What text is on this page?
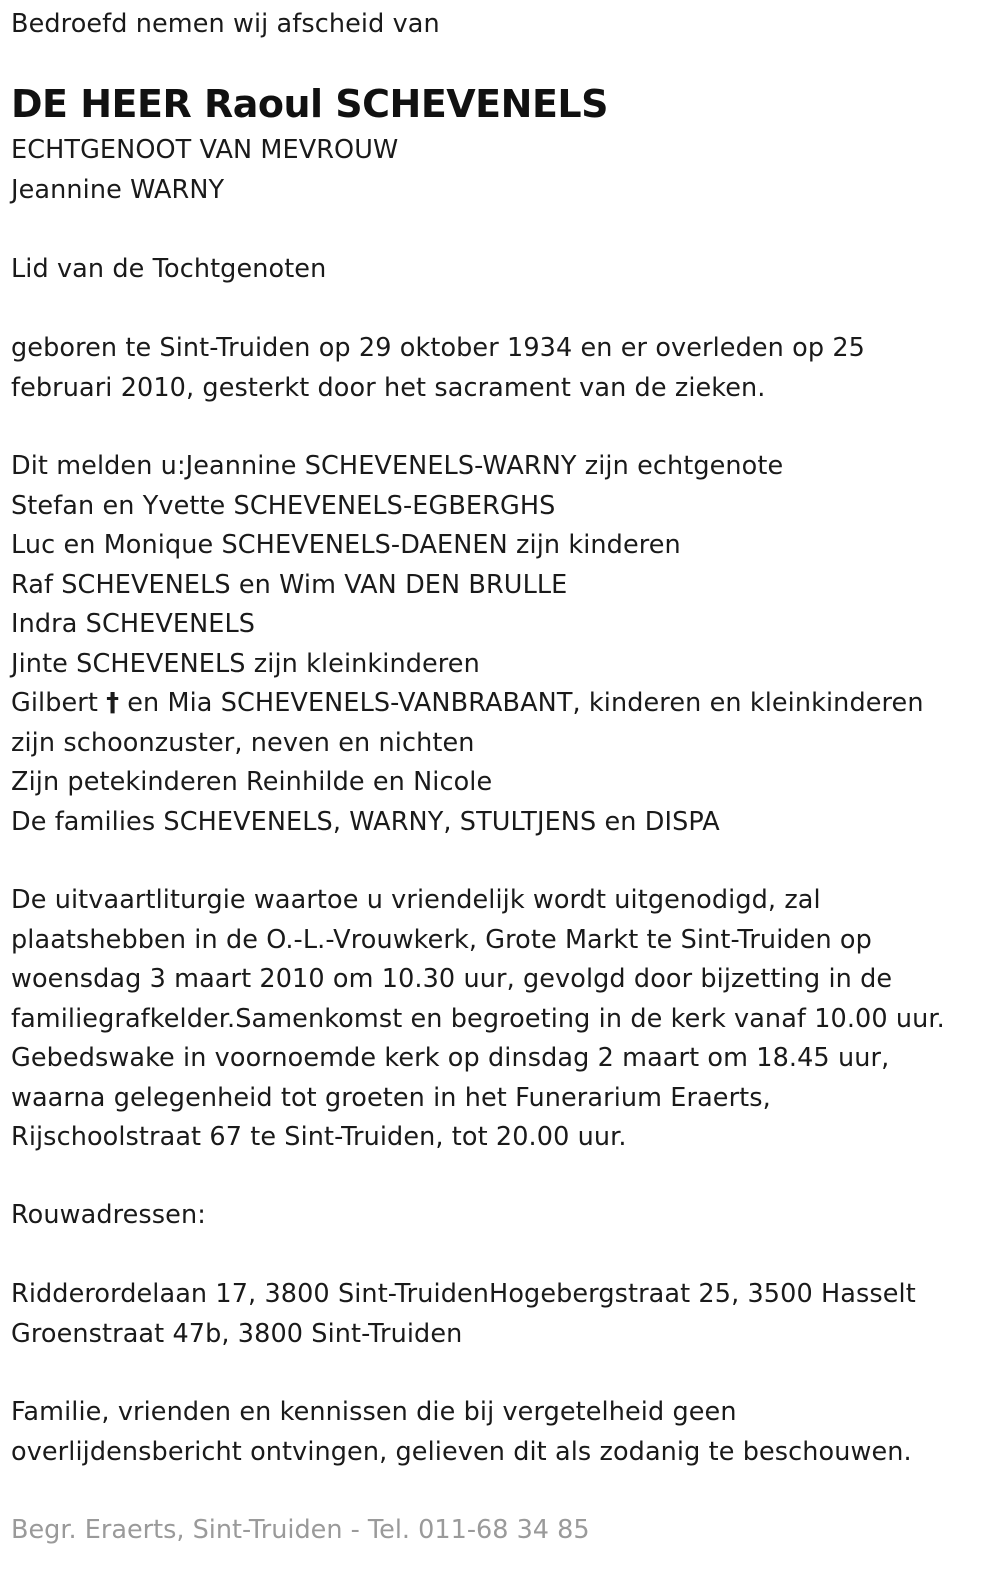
Bedroefd nemen wij afscheid van

DE HEER Raoul SCHEVENELS

ECHTGENOOT VAN MEVROUW

Jeannine WARNY

Lid van de Tochtgenoten

geboren te Sint-Truiden op 29 oktober 1934 en er overleden op 25

februari 2010, gesterkt door het sacrament van de zieken.

Dit melden u:Jeannine SCHEVENELS-WARNY zijn echtgenote

Stefan en Yvette SCHEVENELS-EGBERGHS

Luc en Monique SCHEVENELS-DAENEN zijn kinderen

Raf SCHEVENELS en Wim VAN DEN BRULLE

Indra SCHEVENELS

Jinte SCHEVENELS zijn kleinkinderen

Gilbert † en Mia SCHEVENELS-VANBRABANT, kinderen en kleinkinderen

zijn schoonzuster, neven en nichten

Zijn petekinderen Reinhilde en Nicole

De families SCHEVENELS, WARNY, STULTJENS en DISPA

De uitvaartliturgie waartoe u vriendelijk wordt uitgenodigd, zal

plaatshebben in de O.-L.-Vrouwkerk, Grote Markt te Sint-Truiden op

woensdag 3 maart 2010 om 10.30 uur, gevolgd door bijzetting in de

familiegrafkelder.Samenkomst en begroeting in de kerk vanaf 10.00 uur.

Gebedswake in voornoemde kerk op dinsdag 2 maart om 18.45 uur,

waarna gelegenheid tot groeten in het Funerarium Eraerts,

Rijschoolstraat 67 te Sint-Truiden, tot 20.00 uur.

Rouwadressen:

Ridderordelaan 17, 3800 Sint-TruidenHogebergstraat 25, 3500 Hasselt

Groenstraat 47b, 3800 Sint-Truiden

Familie, vrienden en kennissen die bij vergetelheid geen

overlijdensbericht ontvingen, gelieven dit als zodanig te beschouwen.

Begr. Eraerts, Sint-Truiden - Tel. 011-68 34 85
